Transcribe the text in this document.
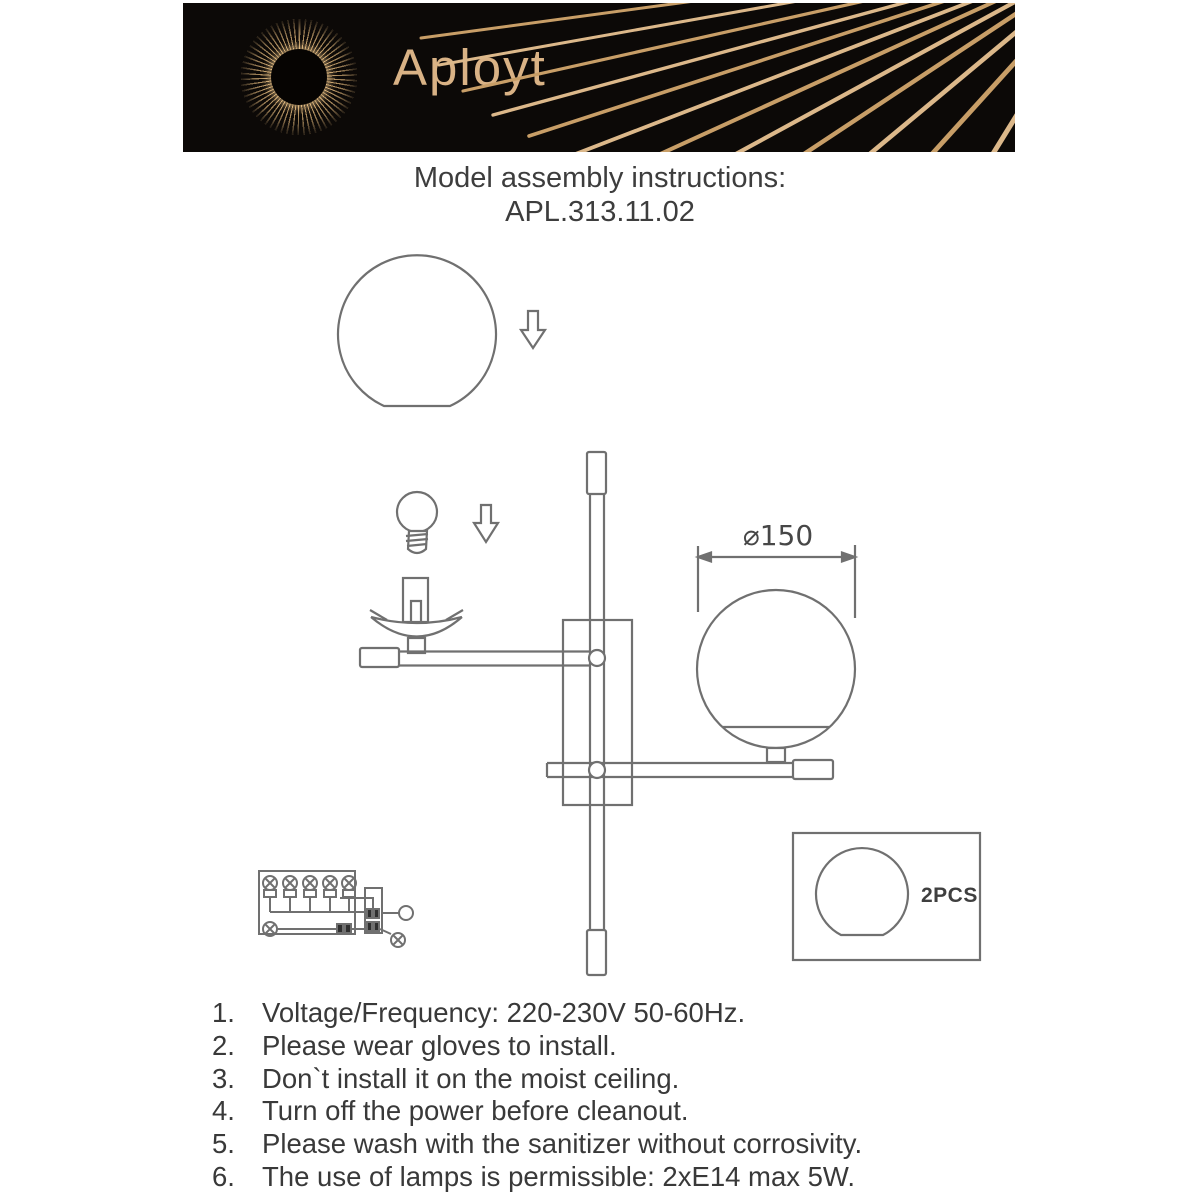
Aployt
Model assembly instructions:
APL.313.11.02
⌀150
2PCS
1. Voltage/Frequency: 220-230V 50-60Hz.
2. Please wear gloves to install.
3. Don`t install it on the moist ceiling.
4. Turn off the power before cleanout.
5. Please wash with the sanitizer without corrosivity.
6. The use of lamps is permissible: 2xE14 max 5W.
